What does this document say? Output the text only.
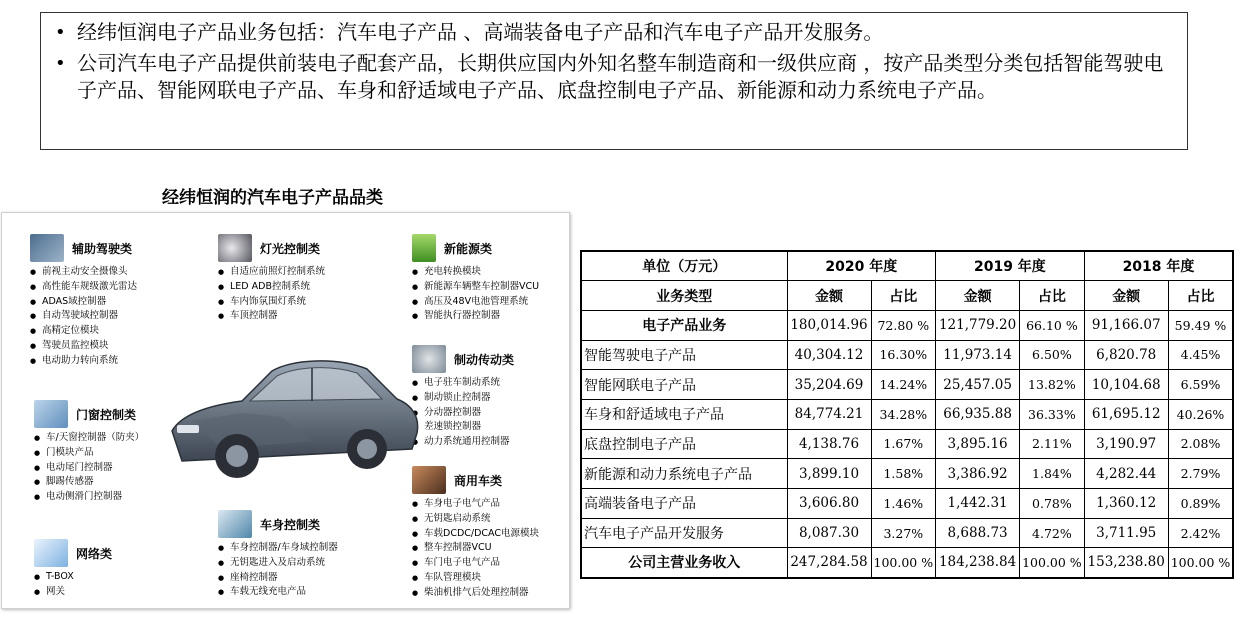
• 经纬恒润电子产品业务包括：汽车电子产品 、高端装备电子产品和汽车电子产品开发服务。
• 公司汽车电子产品提供前装电子配套产品，长期供应国内外知名整车制造商和一级供应商 ，按产品类型分类包括智能驾驶电子产品、智能网联电子产品、车身和舒适域电子产品、底盘控制电子产品、新能源和动力系统电子产品。
经纬恒润的汽车电子产品品类
辅助驾驶类
● 前视主动安全摄像头
● 高性能车规级激光雷达
● ADAS域控制器
● 自动驾驶域控制器
● 高精定位模块
● 驾驶员监控模块
● 电动助力转向系统
灯光控制类
● 自适应前照灯控制系统
● LED ADB控制系统
● 车内饰氛围灯系统
● 车顶控制器
新能源类
● 充电转换模块
● 新能源车辆整车控制器VCU
● 高压及48V电池管理系统
● 智能执行器控制器
门窗控制类
● 车/天窗控制器（防夹）
● 门模块产品
● 电动尾门控制器
● 脚踢传感器
● 电动侧滑门控制器
制动传动类
● 电子驻车制动系统
● 制动锁止控制器
● 分动器控制器
● 差速锁控制器
● 动力系统通用控制器
商用车类
● 车身电子电气产品
● 无钥匙启动系统
● 车载DCDC/DCAC电源模块
● 整车控制器VCU
● 车门电子电气产品
● 车队管理模块
● 柴油机排气后处理控制器
车身控制类
● 车身控制器/车身域控制器
● 无钥匙进入及启动系统
● 座椅控制器
● 车载无线充电产品
网络类
● T-BOX
● 网关
单位（万元）	2020 年度		2019 年度		2018 年度	
业务类型	金额	占比	金额	占比	金额	占比
电子产品业务	180,014.96	72.80 %	121,779.20	66.10 %	91,166.07	59.49 %
智能驾驶电子产品	40,304.12	16.30%	11,973.14	6.50%	6,820.78	4.45%
智能网联电子产品	35,204.69	14.24%	25,457.05	13.82%	10,104.68	6.59%
车身和舒适域电子产品	84,774.21	34.28%	66,935.88	36.33%	61,695.12	40.26%
底盘控制电子产品	4,138.76	1.67%	3,895.16	2.11%	3,190.97	2.08%
新能源和动力系统电子产品	3,899.10	1.58%	3,386.92	1.84%	4,282.44	2.79%
高端装备电子产品	3,606.80	1.46%	1,442.31	0.78%	1,360.12	0.89%
汽车电子产品开发服务	8,087.30	3.27%	8,688.73	4.72%	3,711.95	2.42%
公司主营业务收入	247,284.58	100.00 %	184,238.84	100.00 %	153,238.80	100.00 %
